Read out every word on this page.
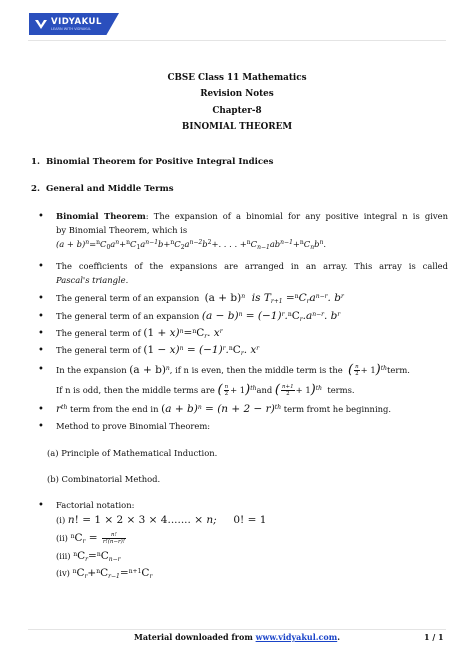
VIDYAKUL
LEARN WITH VIDYAKUL
CBSE Class 11 Mathematics
Revision Notes
Chapter-8
BINOMIAL THEOREM
1. Binomial Theorem for Positive Integral Indices
2. General and Middle Terms
• Binomial Theorem: The expansion of a binomial for any positive integral n is given
by Binomial Theorem, which is
$(a + b)^n=^nC_0a^n+^nC_1a^{n-1}b+^nC_2a^{n-2}b^2+$. . . . $+^nC_{n-1}ab^{n-1}+^nC_nb^n$.
• The coefficients of the expansions are arranged in an array. This array is called
Pascal's triangle.
• The general term of an expansion $(a + b)^n$  is $T_{r+1} =^nC_ra^{n-r}$. $b^r$
• The general term of an expansion $(a - b)^n = (-1)^r.^nC_r.a^{n-r}$. $b^r$
• The general term of $(1 + x)^n=^nC_r$. $x^r$
• The general term of $(1 - x)^n = (-1)^r.^nC_r$. $x^r$
• In the expansion $(a + b)^n$, if n is even, then the middle term is the ( $\frac{n}{2}$ + 1)$^{th}$term.
If n is odd, then the middle terms are ( $\frac{n}{2} + 1)^{th}and$ ( $\frac{n+1}{2} + 1)^{th}$ terms.
• $r^{th}$ term from the end in $(a + b)^n = (n + 2 - r)^{th}$ term fromt he beginning.
• Method to prove Binomial Theorem:
(a) Principle of Mathematical Induction.
(b) Combinatorial Method.
• Factorial notation:
(i) n! = 1 × 2 × 3 × 4....... × n;     0! = 1
(ii) $^nC_r = \frac{n!}{r!(n-r)!}$
(iii) $^nC_r=^nC_{n-r}$
(iv) $^nC_r+^nC_{r-1}=^{n+1}C_r$
Material downloaded from www.vidyakul.com.	1 / 1
